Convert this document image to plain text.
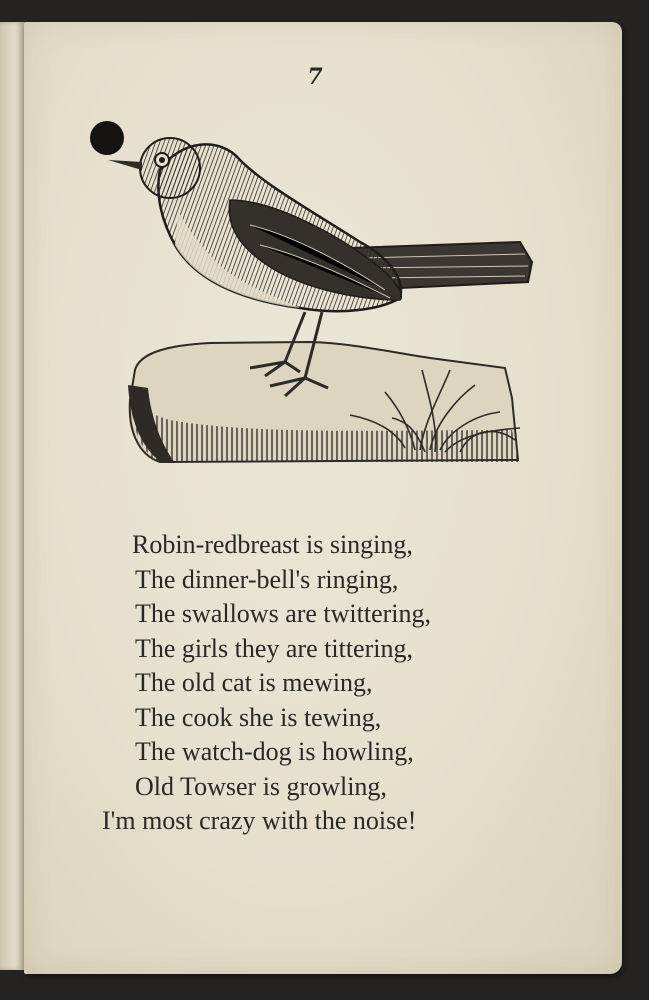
7
Robin-redbreast is singing,
The dinner-bell's ringing,
The swallows are twittering,
The girls they are tittering,
The old cat is mewing,
The cook she is tewing,
The watch-dog is howling,
Old Towser is growling,
I'm most crazy with the noise!
